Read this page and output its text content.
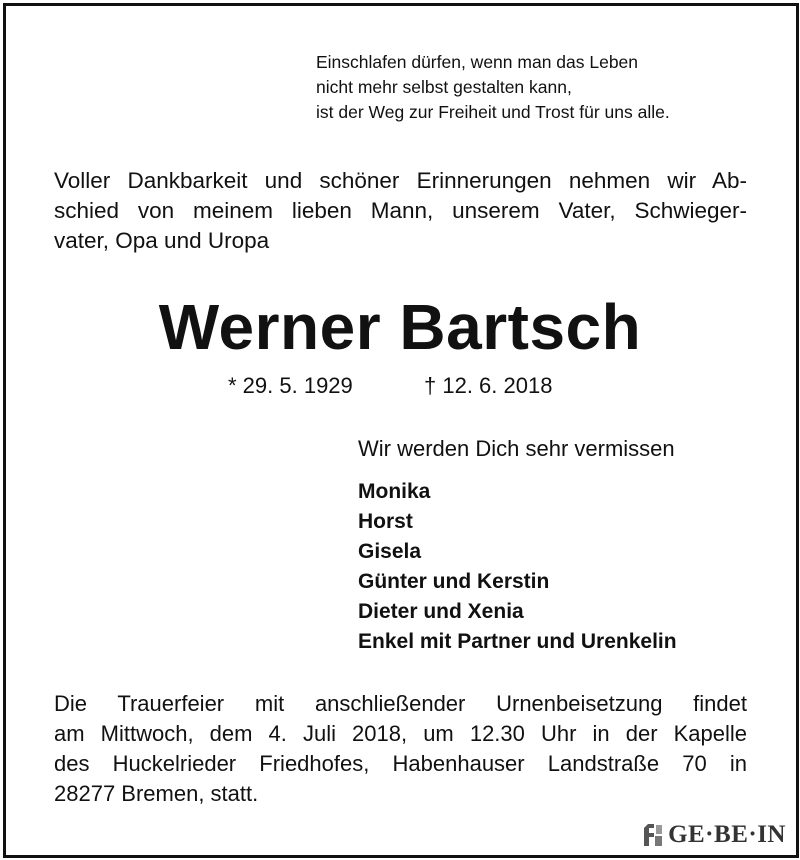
Einschlafen dürfen, wenn man das Leben
nicht mehr selbst gestalten kann,
ist der Weg zur Freiheit und Trost für uns alle.
Voller Dankbarkeit und schöner Erinnerungen nehmen wir Ab-
schied von meinem lieben Mann, unserem Vater, Schwieger-
vater, Opa und Uropa
Werner Bartsch
* 29. 5. 1929	† 12. 6. 2018
Wir werden Dich sehr vermissen
Monika
Horst
Gisela
Günter und Kerstin
Dieter und Xenia
Enkel mit Partner und Urenkelin
Die Trauerfeier mit anschließender Urnenbeisetzung findet
am Mittwoch, dem 4. Juli 2018, um 12.30 Uhr in der Kapelle
des Huckelrieder Friedhofes, Habenhauser Landstraße 70 in
28277 Bremen, statt.
GE·BE·IN
